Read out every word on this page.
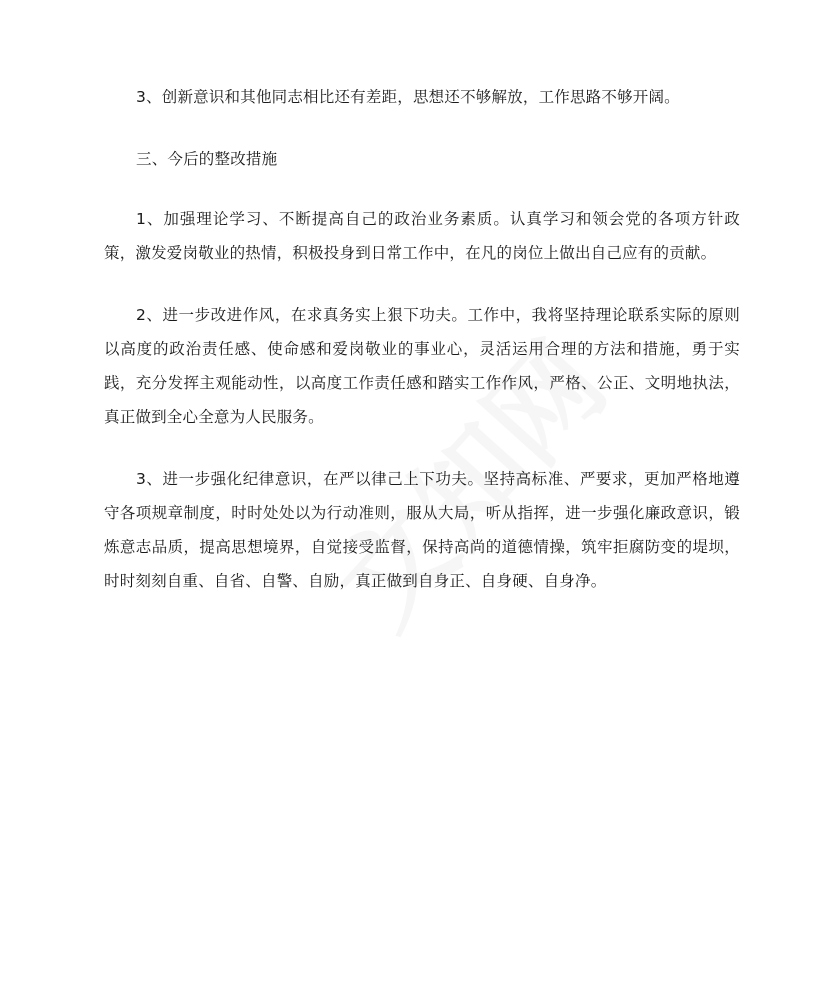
3、创新意识和其他同志相比还有差距，思想还不够解放，工作思路不够开阔。

三、今后的整改措施

1、加强理论学习、不断提高自己的政治业务素质。认真学习和领会党的各项方针政策，激发爱岗敬业的热情，积极投身到日常工作中，在凡的岗位上做出自己应有的贡献。

2、进一步改进作风，在求真务实上狠下功夫。工作中，我将坚持理论联系实际的原则以高度的政治责任感、使命感和爱岗敬业的事业心，灵活运用合理的方法和措施，勇于实践，充分发挥主观能动性，以高度工作责任感和踏实工作作风，严格、公正、文明地执法，真正做到全心全意为人民服务。

3、进一步强化纪律意识，在严以律己上下功夫。坚持高标准、严要求，更加严格地遵守各项规章制度，时时处处以为行动准则，服从大局，听从指挥，进一步强化廉政意识，锻炼意志品质，提高思想境界，自觉接受监督，保持高尚的道德情操，筑牢拒腐防变的堤坝，时时刻刻自重、自省、自警、自励，真正做到自身正、自身硬、自身净。
